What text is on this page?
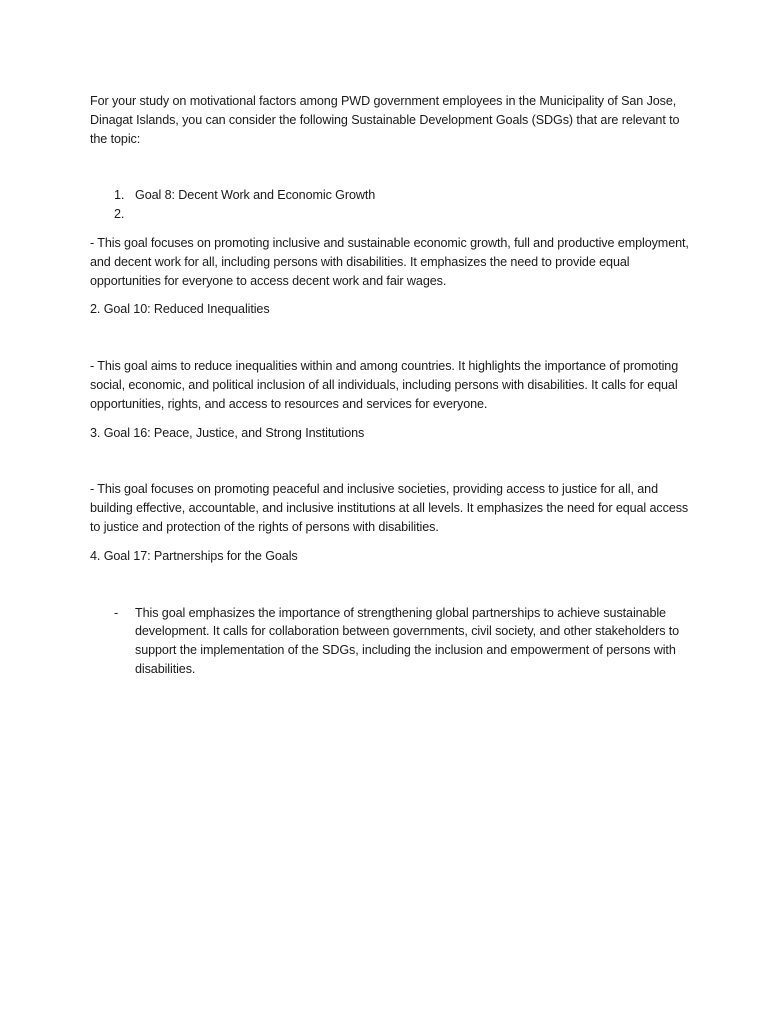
For your study on motivational factors among PWD government employees in the Municipality of San Jose, Dinagat Islands, you can consider the following Sustainable Development Goals (SDGs) that are relevant to the topic:

1. Goal 8: Decent Work and Economic Growth
2.

- This goal focuses on promoting inclusive and sustainable economic growth, full and productive employment, and decent work for all, including persons with disabilities. It emphasizes the need to provide equal opportunities for everyone to access decent work and fair wages.

2. Goal 10: Reduced Inequalities

- This goal aims to reduce inequalities within and among countries. It highlights the importance of promoting social, economic, and political inclusion of all individuals, including persons with disabilities. It calls for equal opportunities, rights, and access to resources and services for everyone.

3. Goal 16: Peace, Justice, and Strong Institutions

- This goal focuses on promoting peaceful and inclusive societies, providing access to justice for all, and building effective, accountable, and inclusive institutions at all levels. It emphasizes the need for equal access to justice and protection of the rights of persons with disabilities.

4. Goal 17: Partnerships for the Goals

- This goal emphasizes the importance of strengthening global partnerships to achieve sustainable development. It calls for collaboration between governments, civil society, and other stakeholders to support the implementation of the SDGs, including the inclusion and empowerment of persons with disabilities.
